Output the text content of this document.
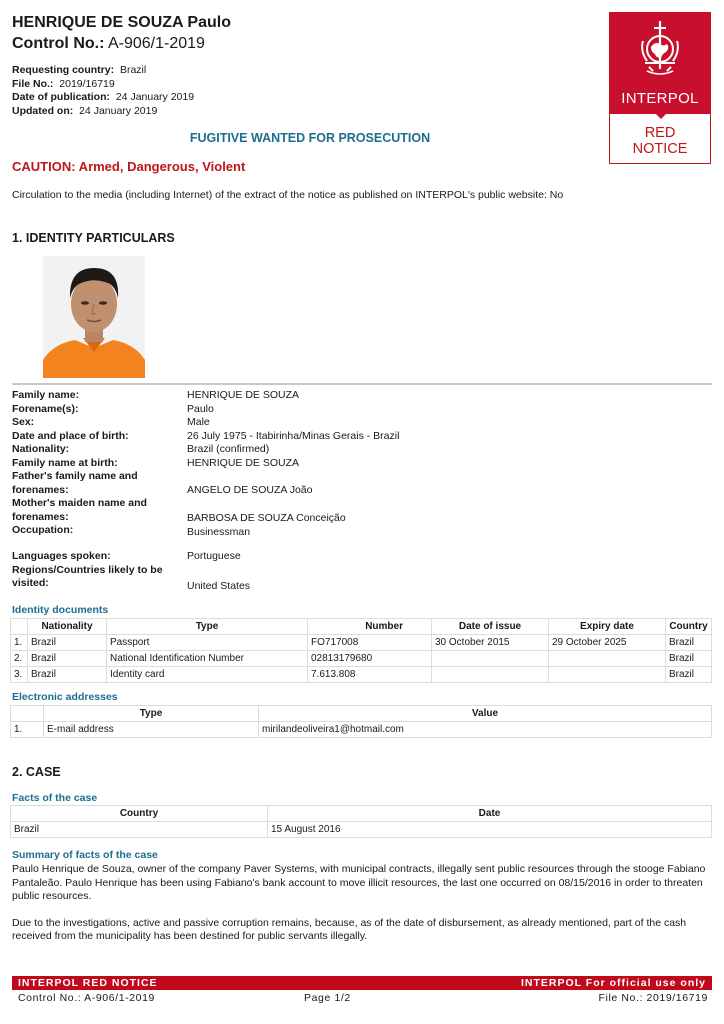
HENRIQUE DE SOUZA Paulo
Control No.: A-906/1-2019
Requesting country: Brazil
File No.: 2019/16719
Date of publication: 24 January 2019
Updated on: 24 January 2019
INTERPOL
RED
NOTICE
FUGITIVE WANTED FOR PROSECUTION
CAUTION: Armed, Dangerous, Violent
Circulation to the media (including Internet) of the extract of the notice as published on INTERPOL's public website: No
1. IDENTITY PARTICULARS
Family name:	HENRIQUE DE SOUZA
Forename(s):	Paulo
Sex:	Male
Date and place of birth:	26 July 1975 - Itabirinha/Minas Gerais - Brazil
Nationality:	Brazil (confirmed)
Family name at birth:	HENRIQUE DE SOUZA
Father's family name and forenames:	ANGELO DE SOUZA João
Mother's maiden name and forenames:	BARBOSA DE SOUZA Conceição
Occupation:	Businessman
Languages spoken:	Portuguese
Regions/Countries likely to be visited:	United States
Identity documents
	Nationality	Type	Number	Date of issue	Expiry date	Country
1.	Brazil	Passport	FO717008	30 October 2015	29 October 2025	Brazil
2.	Brazil	National Identification Number	02813179680			Brazil
3.	Brazil	Identity card	7.613.808			Brazil
Electronic addresses
	Type	Value
1.	E-mail address	mirilandeoliveira1@hotmail.com
2. CASE
Facts of the case
Country	Date
Brazil	15 August 2016
Summary of facts of the case

Paulo Henrique de Souza, owner of the company Paver Systems, with municipal contracts, illegally sent public resources through the stooge Fabiano Pantaleão. Paulo Henrique has been using Fabiano's bank account to move illicit resources, the last one occurred on 08/15/2016 in order to threaten public resources.

Due to the investigations, active and passive corruption remains, because, as of the date of disbursement, as already mentioned, part of the cash received from the municipality has been destined for public servants illegally.

INTERPOL RED NOTICE	INTERPOL For official use only
Control No.: A-906/1-2019	Page 1/2	File No.: 2019/16719
